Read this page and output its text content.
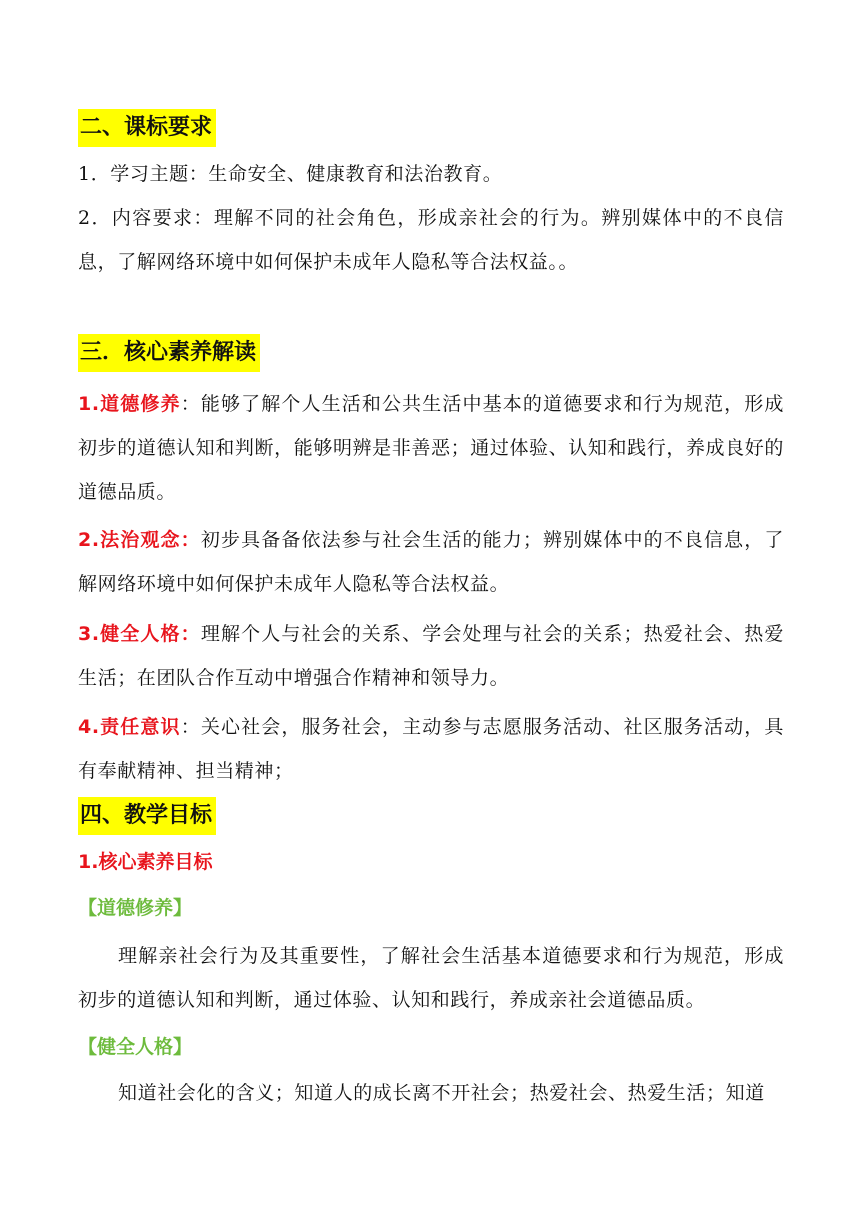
二、课标要求
1．学习主题：生命安全、健康教育和法治教育。
2．内容要求：理解不同的社会角色，形成亲社会的行为。辨别媒体中的不良信息，了解网络环境中如何保护未成年人隐私等合法权益。。
三．核心素养解读
1.道德修养：能够了解个人生活和公共生活中基本的道德要求和行为规范，形成初步的道德认知和判断，能够明辨是非善恶；通过体验、认知和践行，养成良好的道德品质。
2.法治观念：初步具备备依法参与社会生活的能力；辨别媒体中的不良信息，了解网络环境中如何保护未成年人隐私等合法权益。
3.健全人格：理解个人与社会的关系、学会处理与社会的关系；热爱社会、热爱生活；在团队合作互动中增强合作精神和领导力。
4.责任意识：关心社会，服务社会，主动参与志愿服务活动、社区服务活动，具有奉献精神、担当精神；
四、教学目标
1.核心素养目标
【道德修养】
理解亲社会行为及其重要性，了解社会生活基本道德要求和行为规范，形成初步的道德认知和判断，通过体验、认知和践行，养成亲社会道德品质。
【健全人格】
知道社会化的含义；知道人的成长离不开社会；热爱社会、热爱生活；知道
